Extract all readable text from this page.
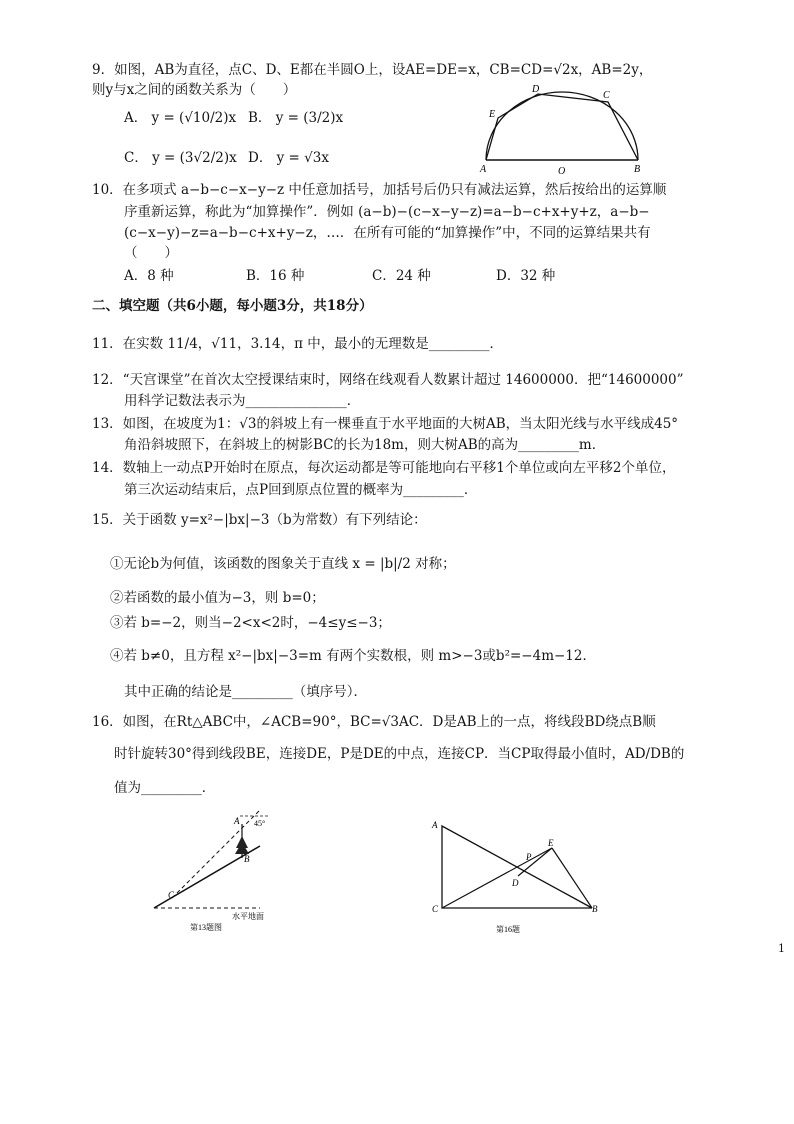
9．如图，AB为直径，点C、D、E都在半圆O上，设AE=DE=x，CB=CD=√2x，AB=2y，
则y与x之间的函数关系为（　　）
A． y = (√10/2)x B． y = (3/2)x
C． y = (3√2/2)x D． y = √3x
A	O	B
E
D
C
10．在多项式 a−b−c−x−y−z 中任意加括号，加括号后仍只有减法运算，然后按给出的运算顺
序重新运算，称此为“加算操作”．例如 (a−b)−(c−x−y−z)=a−b−c+x+y+z，a−b−
(c−x−y)−z=a−b−c+x+y−z，…．在所有可能的“加算操作”中，不同的运算结果共有
（　　）
A．8 种	B．16 种	C．24 种	D．32 种
二、填空题（共6小题，每小题3分，共18分）
11．在实数 11/4，√11，3.14，π 中，最小的无理数是_________．
12．“天宫课堂”在首次太空授课结束时，网络在线观看人数累计超过 14600000．把“14600000”
用科学记数法表示为_______________．
13．如图，在坡度为1：√3的斜坡上有一棵垂直于水平地面的大树AB，当太阳光线与水平线成45°
角沿斜坡照下，在斜坡上的树影BC的长为18m，则大树AB的高为_________m．
14．数轴上一动点P开始时在原点，每次运动都是等可能地向右平移1个单位或向左平移2个单位，
第三次运动结束后，点P回到原点位置的概率为_________．
15．关于函数 y=x²−|bx|−3（b为常数）有下列结论：
①无论b为何值，该函数的图象关于直线 x = |b|/2 对称；
②若函数的最小值为−3，则 b=0；
③若 b=−2，则当−2<x<2时，−4≤y≤−3；
④若 b≠0，且方程 x²−|bx|−3=m 有两个实数根，则 m>−3或b²=−4m−12．
其中正确的结论是_________（填序号）．
16．如图，在Rt△ABC中，∠ACB=90°，BC=√3AC．D是AB上的一点，将线段BD绕点B顺
时针旋转30°得到线段BE，连接DE，P是DE的中点，连接CP．当CP取得最小值时，AD/DB的
值为_________．
45°
A
B
C
水平地面
第13题图
A
C	B
D
E
P
第16题
1
